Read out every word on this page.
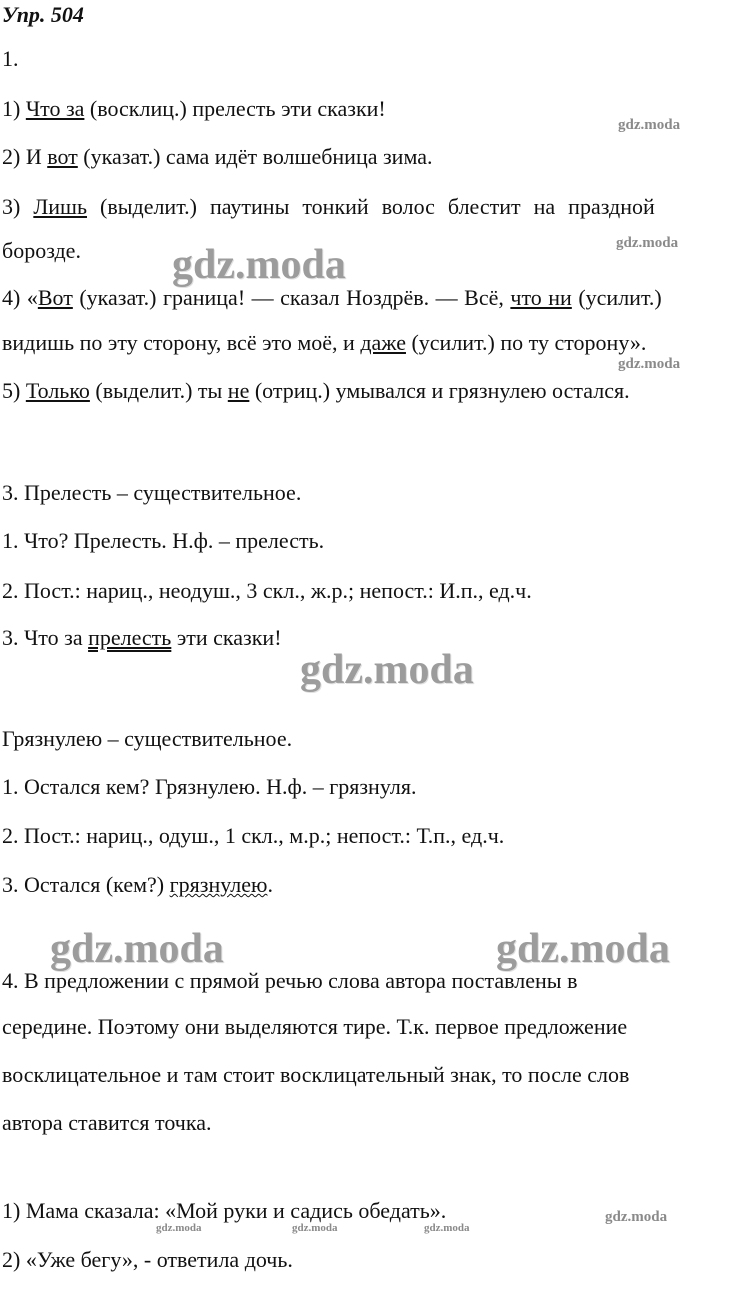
Упр. 504
1.
1) Что за (восклиц.) прелесть эти сказки!
2) И вот (указат.) сама идёт волшебница зима.
3) Лишь (выделит.) паутины тонкий волос блестит на праздной
борозде.
4) «Вот (указат.) граница! — сказал Ноздрёв. — Всё, что ни (усилит.)
видишь по эту сторону, всё это моё, и даже (усилит.) по ту сторону».
5) Только (выделит.) ты не (отриц.) умывался и грязнулею остался.
3. Прелесть – существительное.
1. Что? Прелесть. Н.ф. – прелесть.
2. Пост.: нариц., неодуш., 3 скл., ж.р.; непост.: И.п., ед.ч.
3. Что за прелесть эти сказки!
Грязнулею – существительное.
1. Остался кем? Грязнулею. Н.ф. – грязнуля.
2. Пост.: нариц., одуш., 1 скл., м.р.; непост.: Т.п., ед.ч.
3. Остался (кем?) грязнулею.
4. В предложении с прямой речью слова автора поставлены в
середине. Поэтому они выделяются тире. Т.к. первое предложение
восклицательное и там стоит восклицательный знак, то после слов
автора ставится точка.
1) Мама сказала: «Мой руки и садись обедать».
2) «Уже бегу», - ответила дочь.
gdz.moda
gdz.moda
gdz.moda
gdz.moda
gdz.moda
gdz.moda	gdz.moda
gdz.moda
gdz.moda	gdz.moda	gdz.moda
